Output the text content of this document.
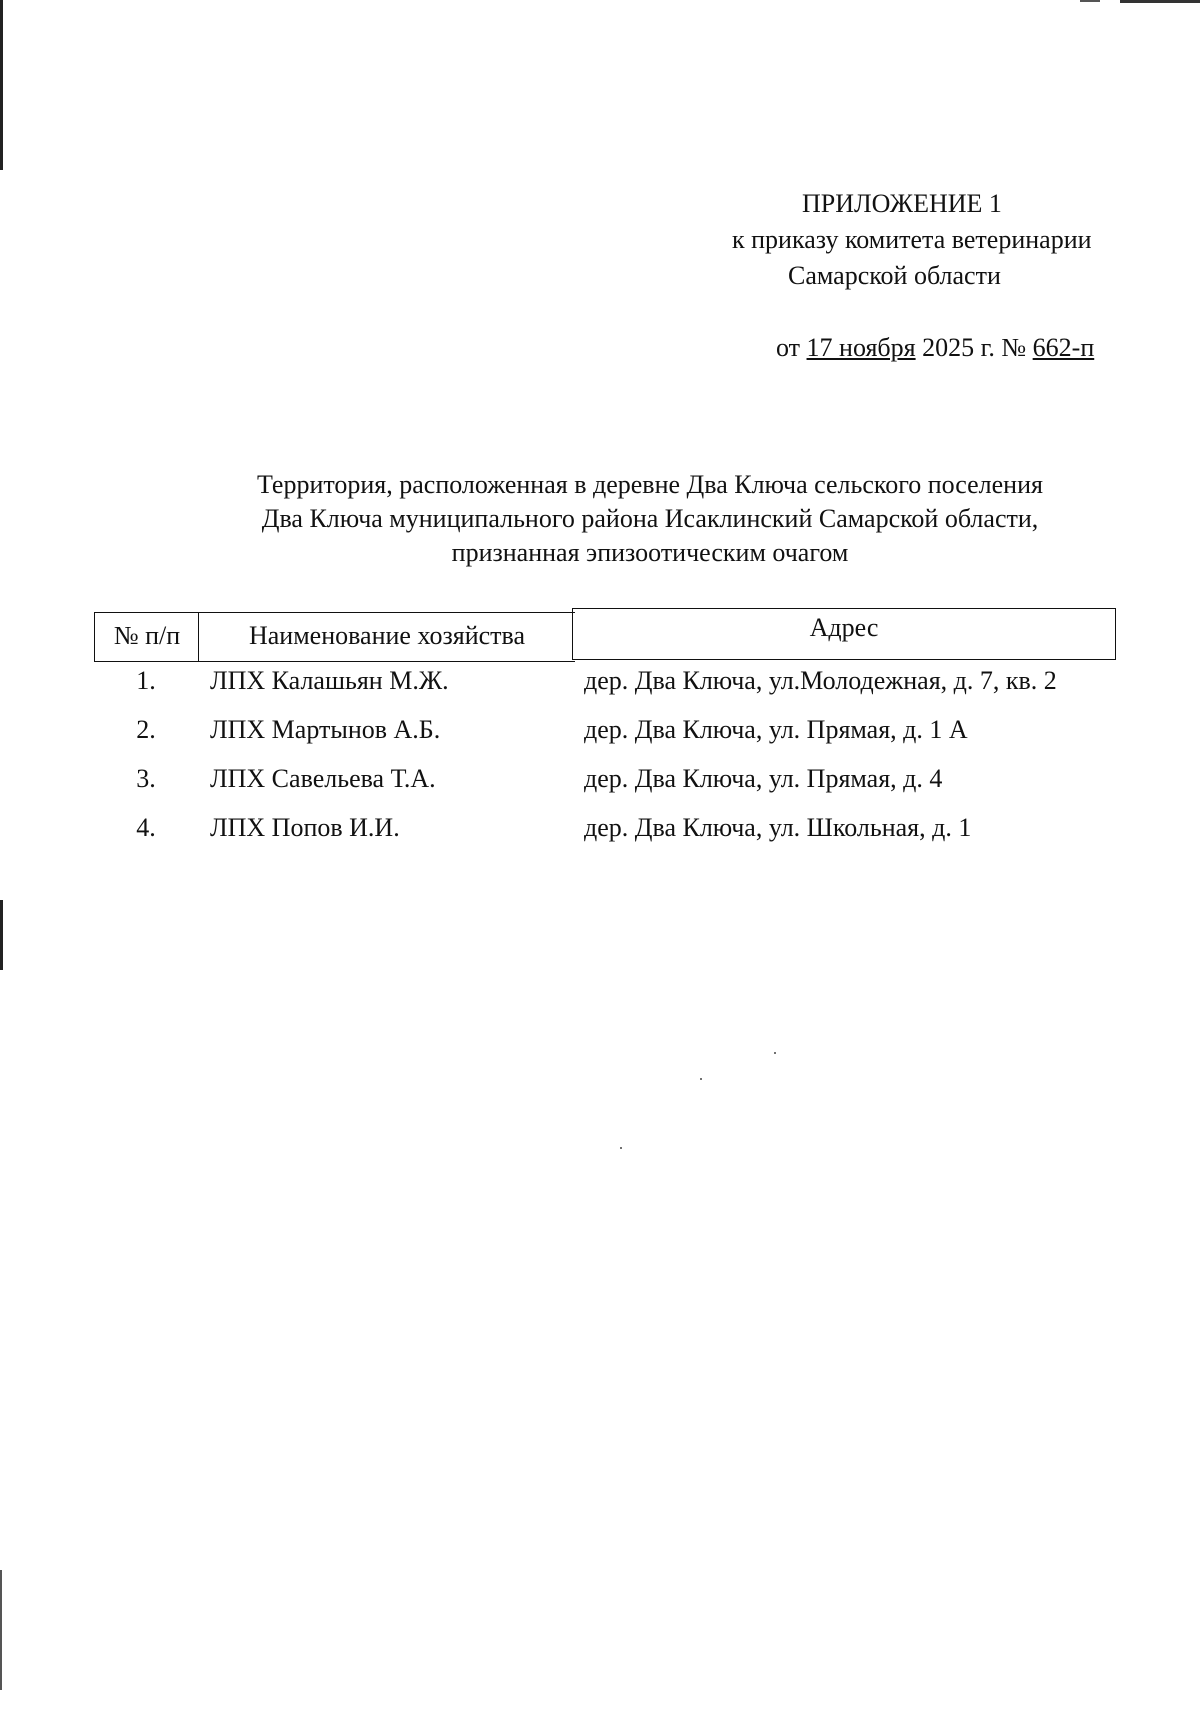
ПРИЛОЖЕНИЕ 1
к приказу комитета ветеринарии
Самарской области
от 17 ноября 2025 г. № 662-п
Территория, расположенная в деревне Два Ключа сельского поселения
Два Ключа муниципального района Исаклинский Самарской области,
признанная эпизоотическим очагом
№ п/п	Наименование хозяйства	Адрес
1.	ЛПХ Калашьян М.Ж.	дер. Два Ключа, ул.Молодежная, д. 7, кв. 2
2.	ЛПХ Мартынов А.Б.	дер. Два Ключа, ул. Прямая, д. 1 А
3.	ЛПХ Савельева Т.А.	дер. Два Ключа, ул. Прямая, д. 4
4.	ЛПХ Попов И.И.	дер. Два Ключа, ул. Школьная, д. 1
